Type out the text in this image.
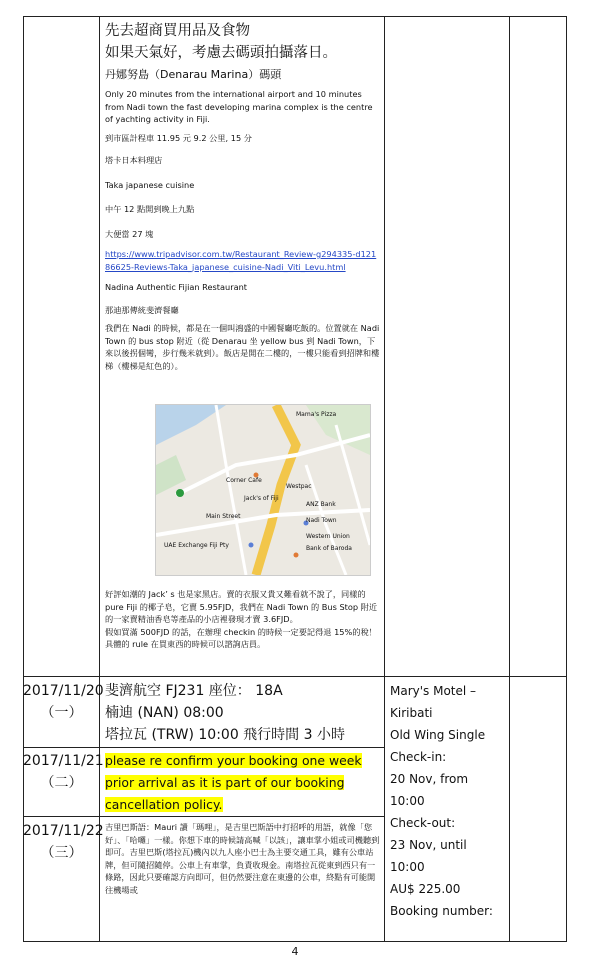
先去超商買用品及食物

如果天氣好，考慮去碼頭拍攝落日。

丹娜努島（Denarau Marina）碼頭

Only 20 minutes from the international airport and 10 minutes from Nadi town the fast developing marina complex is the centre of yachting activity in Fiji.

到市區計程車 11.95 元 9.2 公里, 15 分

塔卡日本料理店

Taka japanese cuisine

中午 12 點開到晚上九點

大便當 27 塊

https://www.tripadvisor.com.tw/Restaurant_Review-g294335-d12186625-Reviews-Taka_japanese_cuisine-Nadi_Viti_Levu.html

Nadina Authentic Fijian Restaurant

那迪那傳統斐濟餐廳

我們在 Nadi 的時候，都是在一個叫鴻盛的中國餐廳吃飯的。位置就在 Nadi Town 的 bus stop 附近（從 Denarau 坐 yellow bus 到 Nadi Town，下來以後拐個彎，步行幾米就到）。飯店是開在二樓的，一樓只能看到招牌和樓梯（樓梯是紅色的）。

Mama's Pizza
Jack's of Fiji
Corner Cafe
Westpac
ANZ Bank
Bank of Baroda
Main Street
UAE Exchange Fiji Pty
Nadi Town
Western Union

好評如潮的 Jack’ s 也是家黑店。賣的衣服又貴又難看就不說了，同樣的 pure Fiji 的椰子皂，它賣 5.95FJD，我們在 Nadi Town 的 Bus Stop 附近的一家賣精油香皂等產品的小店裡發現才賣 3.6FJD。

假如買滿 500FJD 的話，在辦理 checkin 的時候一定要記得退 15%的稅！具體的 rule 在買東西的時候可以諮詢店員。

2017/11/20
（一）
斐濟航空 FJ231 座位： 18A
楠迪 (NAN) 08:00
塔拉瓦 (TRW) 10:00 飛行時間 3 小時
Mary's Motel –
Kiribati
Old Wing Single
Check-in:
20 Nov, from
10:00
Check-out:
23 Nov, until
10:00
AU$ 225.00
Booking number:
2017/11/21
（二）
please re confirm your booking one week
prior arrival as it is part of our booking
cancellation policy.
2017/11/22
（三）
吉里巴斯語：Mauri 讀「瑪哩」，是吉里巴斯語中打招呼的用語，就像「您好」、「哈囉」一樣。你想下車的時候請高喊「以該」，讓車掌小姐或司機聽到即可。吉里巴斯(塔拉瓦)機內以九人座小巴士為主要交通工具，雖有公車站牌，但可隨招隨停。公車上有車掌，負責收現金。南塔拉瓦從東到西只有一條路，因此只要確認方向即可，但仍然要注意在東邊的公車，終點有可能開往機場或
4
